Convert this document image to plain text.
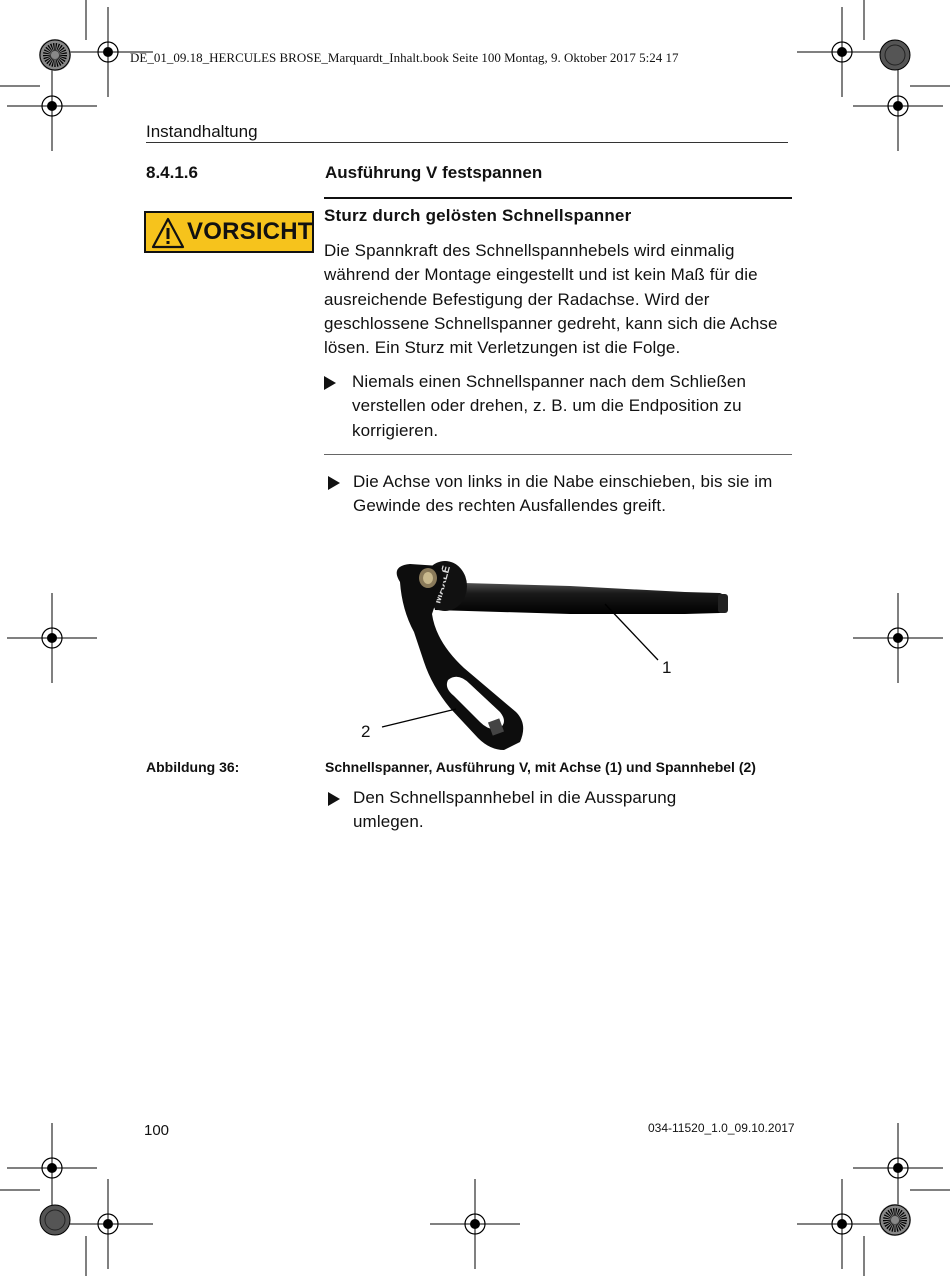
DE_01_09.18_HERCULES BROSE_Marquardt_Inhalt.book Seite 100 Montag, 9. Oktober 2017 5:24 17
Instandhaltung
8.4.1.6	Ausführung V festspannen
VORSICHT
Sturz durch gelösten Schnellspanner
Die Spannkraft des Schnellspannhebels wird einmalig während der Montage eingestellt und ist kein Maß für die ausreichende Befestigung der Radachse. Wird der geschlossene Schnellspanner gedreht, kann sich die Achse lösen. Ein Sturz mit Verletzungen ist die Folge.
Niemals einen Schnellspanner nach dem Schließen verstellen oder drehen, z. B. um die Endposition zu korrigieren.
Die Achse von links in die Nabe einschieben, bis sie im Gewinde des rechten Ausfallendes greift.
1
2
Abbildung 36:	Schnellspanner, Ausführung V, mit Achse (1) und Spannhebel (2)
Den Schnellspannhebel in die Aussparung umlegen.
100	034-11520_1.0_09.10.2017
